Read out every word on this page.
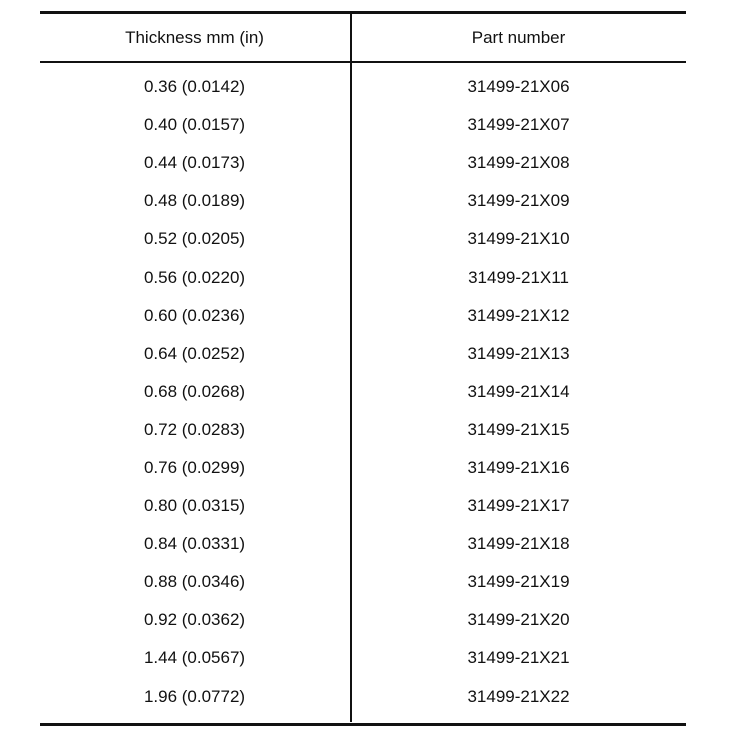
Thickness mm (in)	Part number
0.36 (0.0142)	31499-21X06
0.40 (0.0157)	31499-21X07
0.44 (0.0173)	31499-21X08
0.48 (0.0189)	31499-21X09
0.52 (0.0205)	31499-21X10
0.56 (0.0220)	31499-21X11
0.60 (0.0236)	31499-21X12
0.64 (0.0252)	31499-21X13
0.68 (0.0268)	31499-21X14
0.72 (0.0283)	31499-21X15
0.76 (0.0299)	31499-21X16
0.80 (0.0315)	31499-21X17
0.84 (0.0331)	31499-21X18
0.88 (0.0346)	31499-21X19
0.92 (0.0362)	31499-21X20
1.44 (0.0567)	31499-21X21
1.96 (0.0772)	31499-21X22
